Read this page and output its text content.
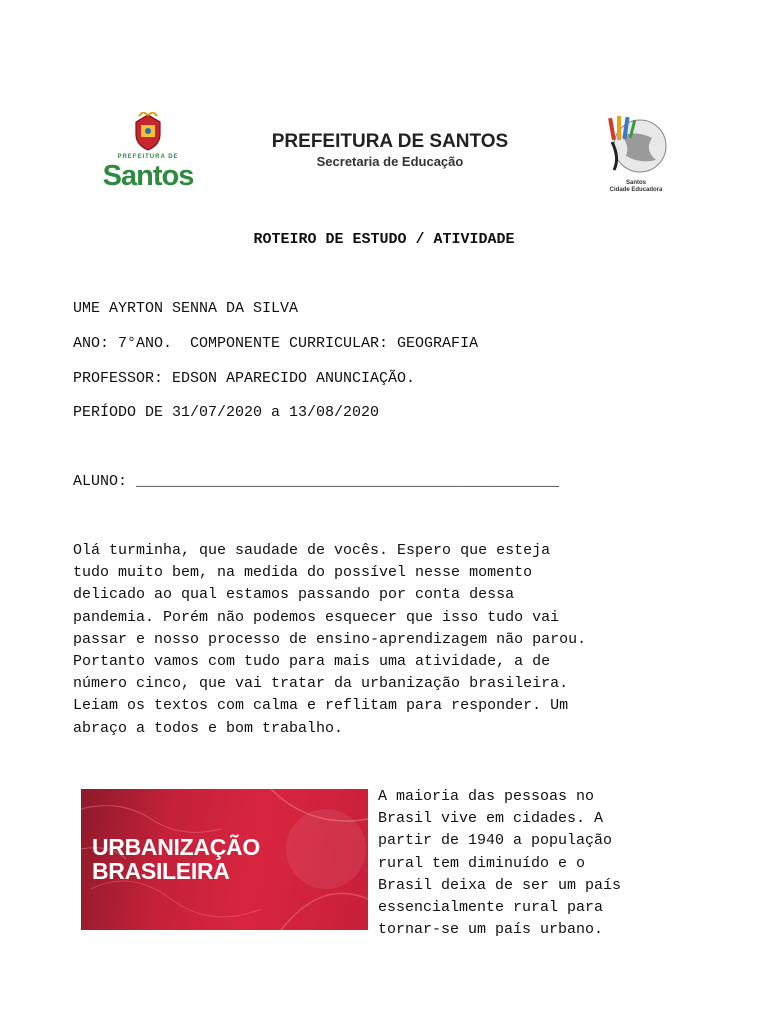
PREFEITURA DE
Santos
PREFEITURA DE SANTOS
Secretaria de Educação
Santos
Cidade Educadora
ROTEIRO DE ESTUDO / ATIVIDADE
UME AYRTON SENNA DA SILVA
ANO: 7°ANO.  COMPONENTE CURRICULAR: GEOGRAFIA
PROFESSOR: EDSON APARECIDO ANUNCIAÇÃO.
PERÍODO DE 31/07/2020 a 13/08/2020
ALUNO: _______________________________________________
Olá turminha, que saudade de vocês. Espero que esteja
tudo muito bem, na medida do possível nesse momento
delicado ao qual estamos passando por conta dessa
pandemia. Porém não podemos esquecer que isso tudo vai
passar e nosso processo de ensino-aprendizagem não parou.
Portanto vamos com tudo para mais uma atividade, a de
número cinco, que vai tratar da urbanização brasileira.
Leiam os textos com calma e reflitam para responder. Um
abraço a todos e bom trabalho.
URBANIZAÇÃO
BRASILEIRA
A maioria das pessoas no
Brasil vive em cidades. A
partir de 1940 a população
rural tem diminuído e o
Brasil deixa de ser um país
essencialmente rural para
tornar-se um país urbano.
